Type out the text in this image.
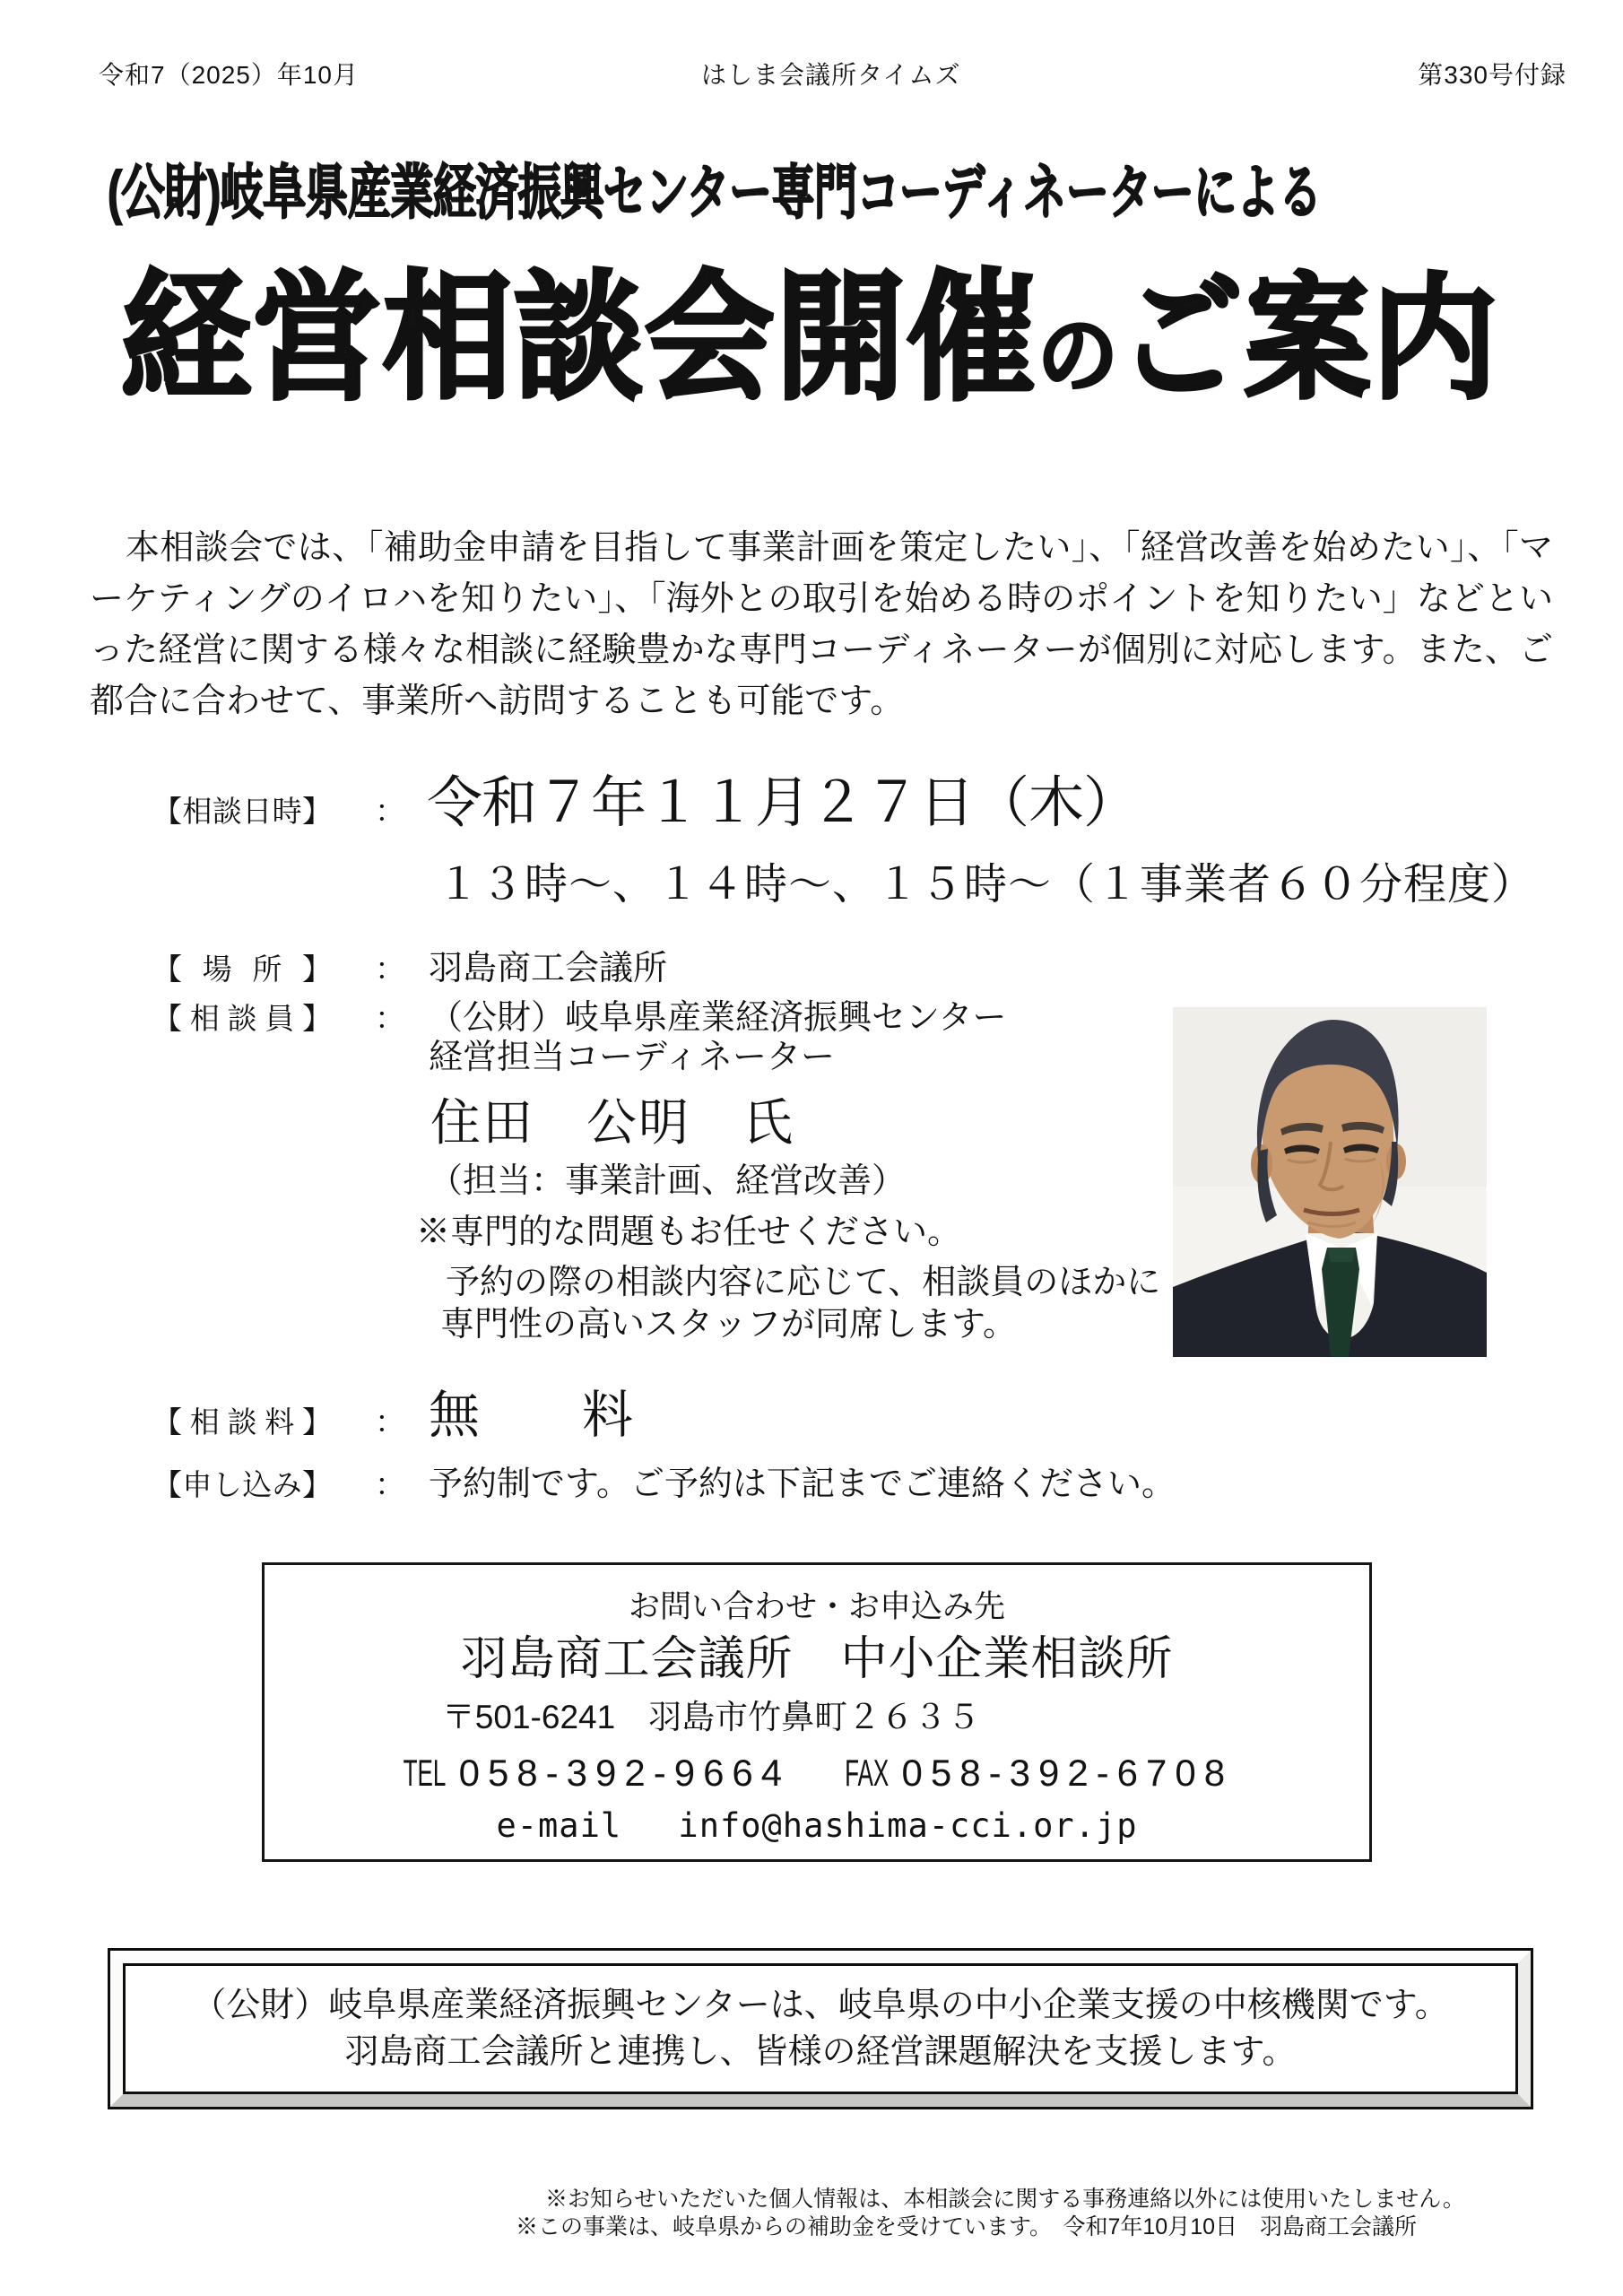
令和7（2025）年10月	はしま会議所タイムズ	第330号付録
(公財)岐阜県産業経済振興センター専門コーディネーターによる
経営相談会開催のご案内

本相談会では、「補助金申請を目指して事業計画を策定したい」、「経営改善を始めたい」、「マーケティングのイロハを知りたい」、「海外との取引を始める時のポイントを知りたい」などといった経営に関する様々な相談に経験豊かな専門コーディネーターが個別に対応します。また、ご都合に合わせて、事業所へ訪問することも可能です。

【相談日時】 ： 令和７年１１月２７日（木）
１３時～、１４時～、１５時～（１事業者６０分程度）
【場所】 ： 羽島商工会議所
【相談員】 ： （公財）岐阜県産業経済振興センター
経営担当コーディネーター
住田　公明　氏
（担当：事業計画、経営改善）
※専門的な問題もお任せください。
予約の際の相談内容に応じて、相談員のほかに
専門性の高いスタッフが同席します。
【相談料】 ： 無　　料
【申し込み】 ： 予約制です。ご予約は下記までご連絡ください。
お問い合わせ・お申込み先
羽島商工会議所　中小企業相談所
〒501-6241　羽島市竹鼻町２６３５
TEL 058-392-9664 FAX 058-392-6708
e-mail info@hashima-cci.or.jp
（公財）岐阜県産業経済振興センターは、岐阜県の中小企業支援の中核機関です。
羽島商工会議所と連携し、皆様の経営課題解決を支援します。
※お知らせいただいた個人情報は、本相談会に関する事務連絡以外には使用いたしません。
※この事業は、岐阜県からの補助金を受けています。　令和7年10月10日　羽島商工会議所
